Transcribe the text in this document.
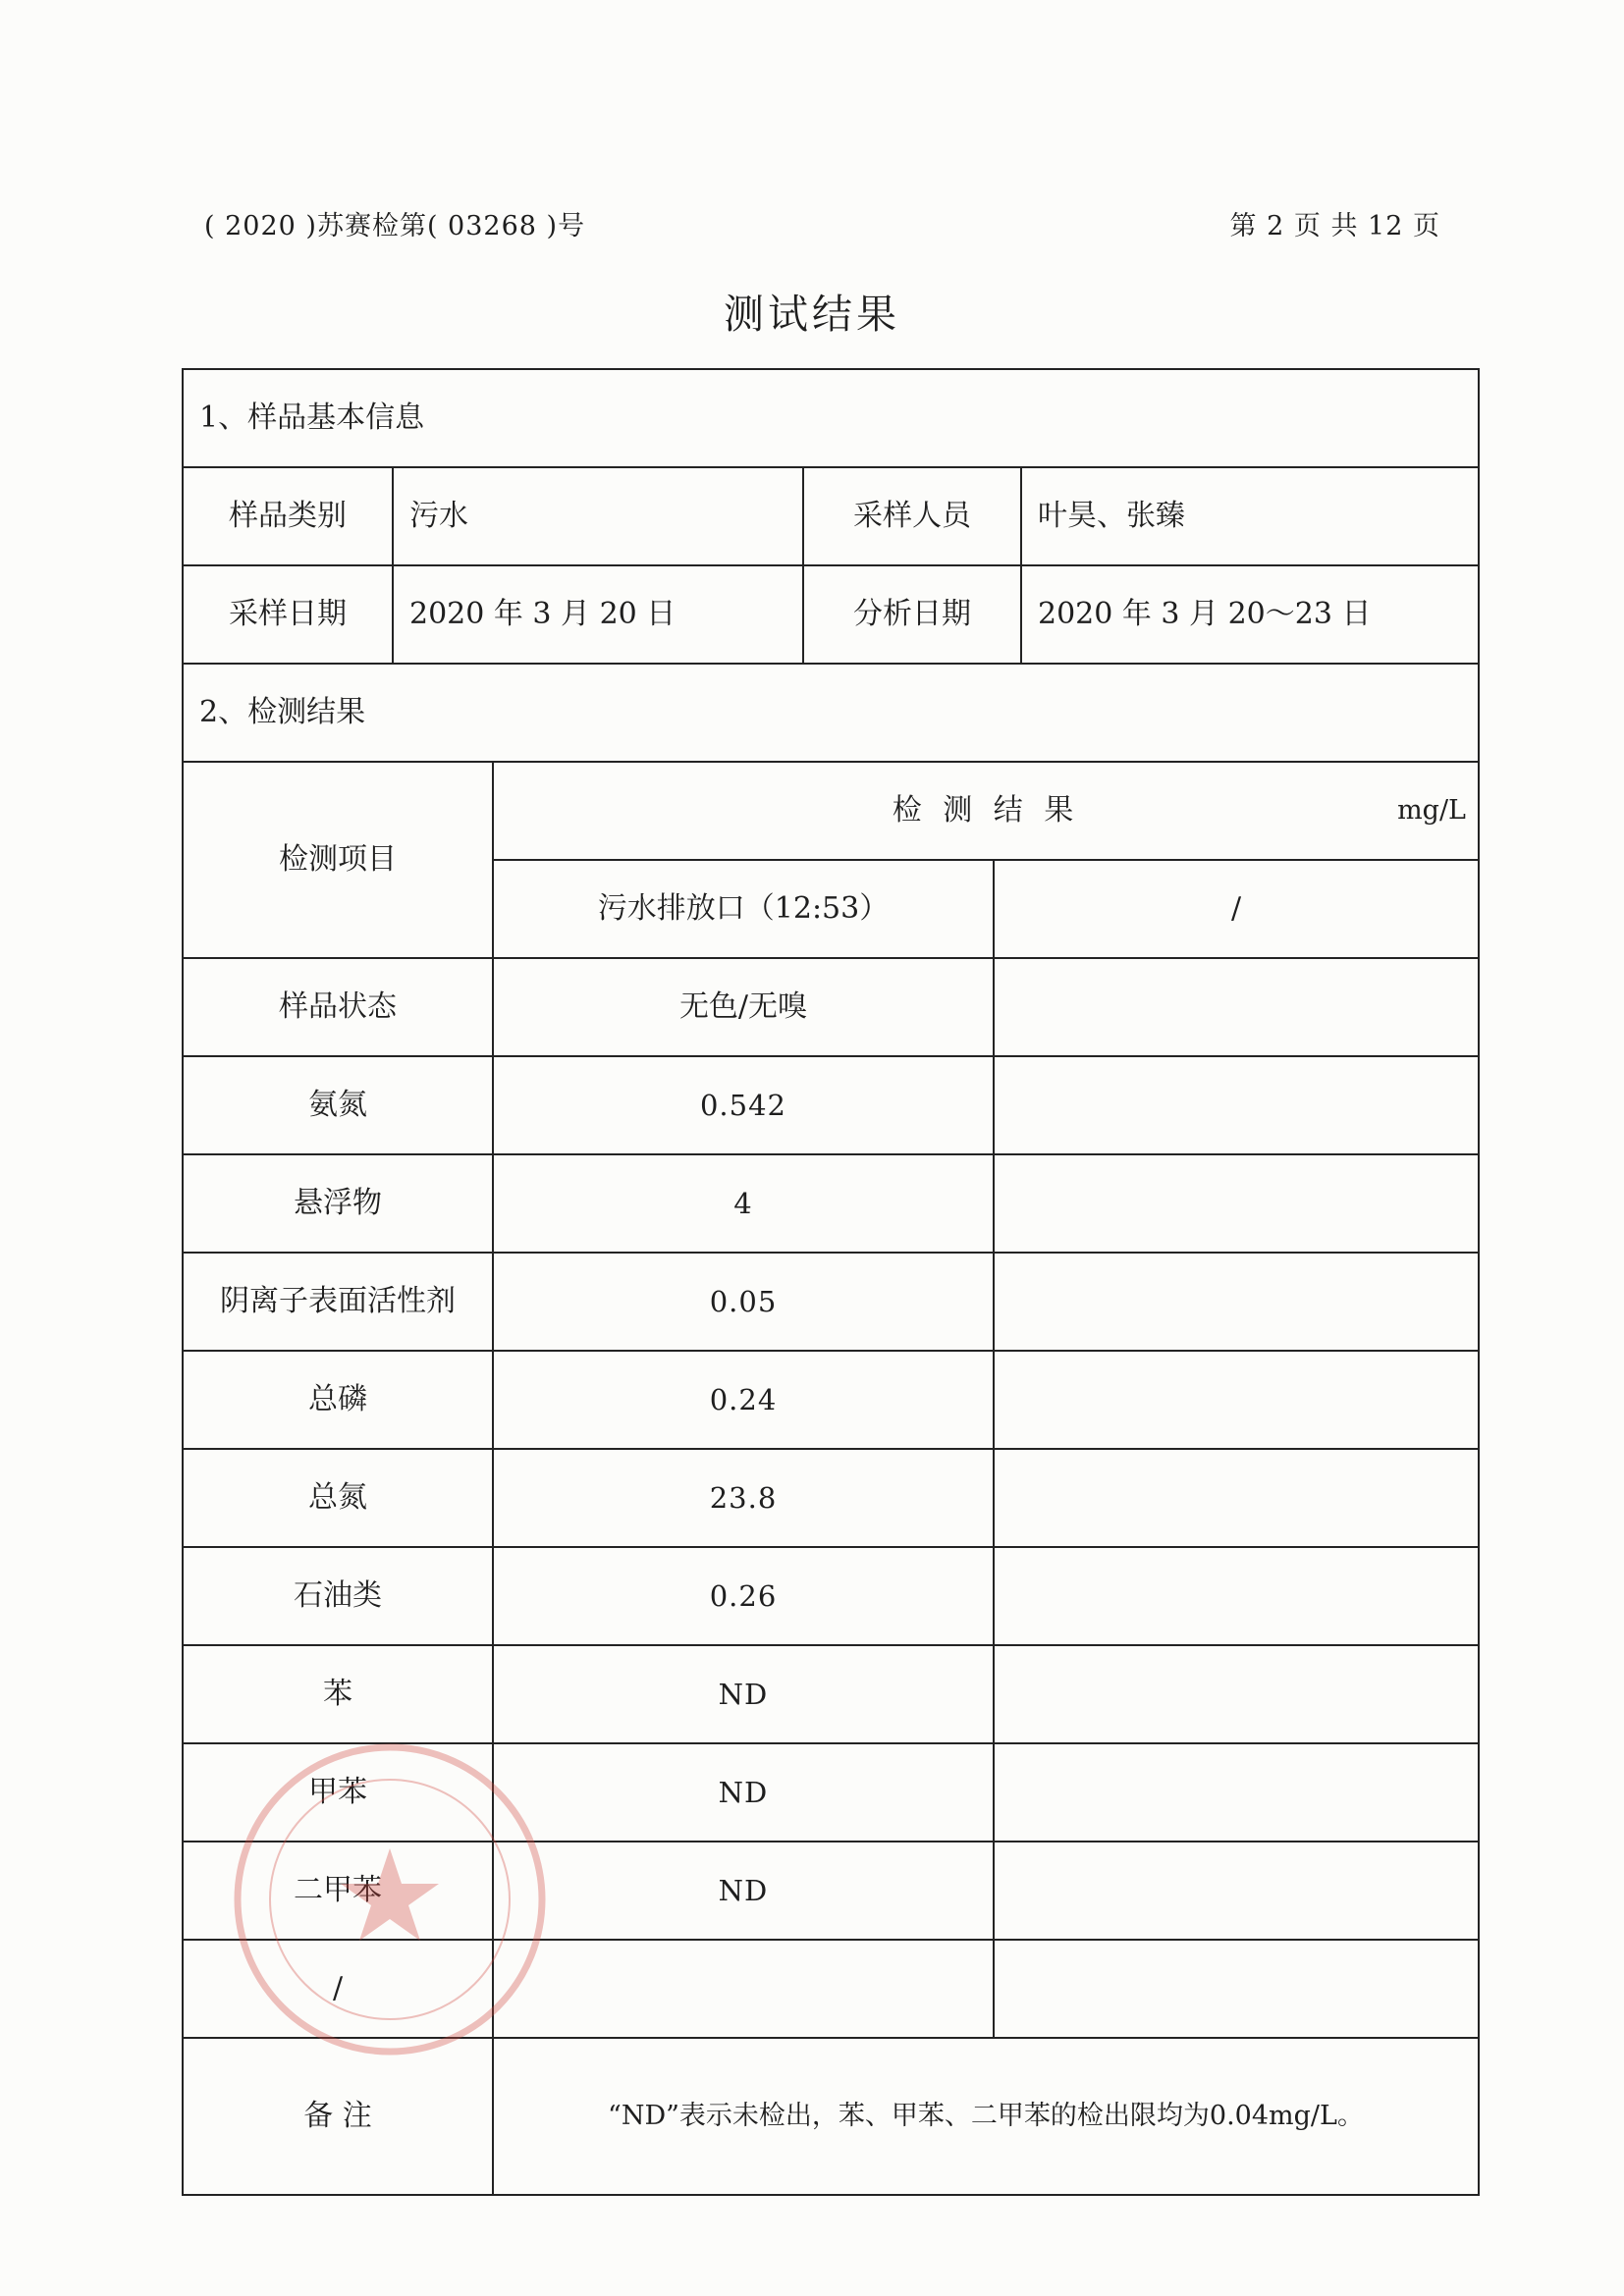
( 2020 )苏赛检第( 03268 )号	第 2 页 共 12 页
测试结果
1、样品基本信息
样品类别 污水	采样人员 叶昊、张臻
采样日期 2020 年 3 月 20 日	分析日期 2020 年 3 月 20～23 日
2、检测结果
检测项目
检 测 结 果	mg/L
污水排放口（12:53）	/
样品状态	无色/无嗅
氨氮	0.542
悬浮物	4
阴离子表面活性剂	0.05
总磷	0.24
总氮	23.8
石油类	0.26
苯	ND
甲苯	ND
二甲苯	ND
/
备 注	“ND”表示未检出，苯、甲苯、二甲苯的检出限均为0.04mg/L。
